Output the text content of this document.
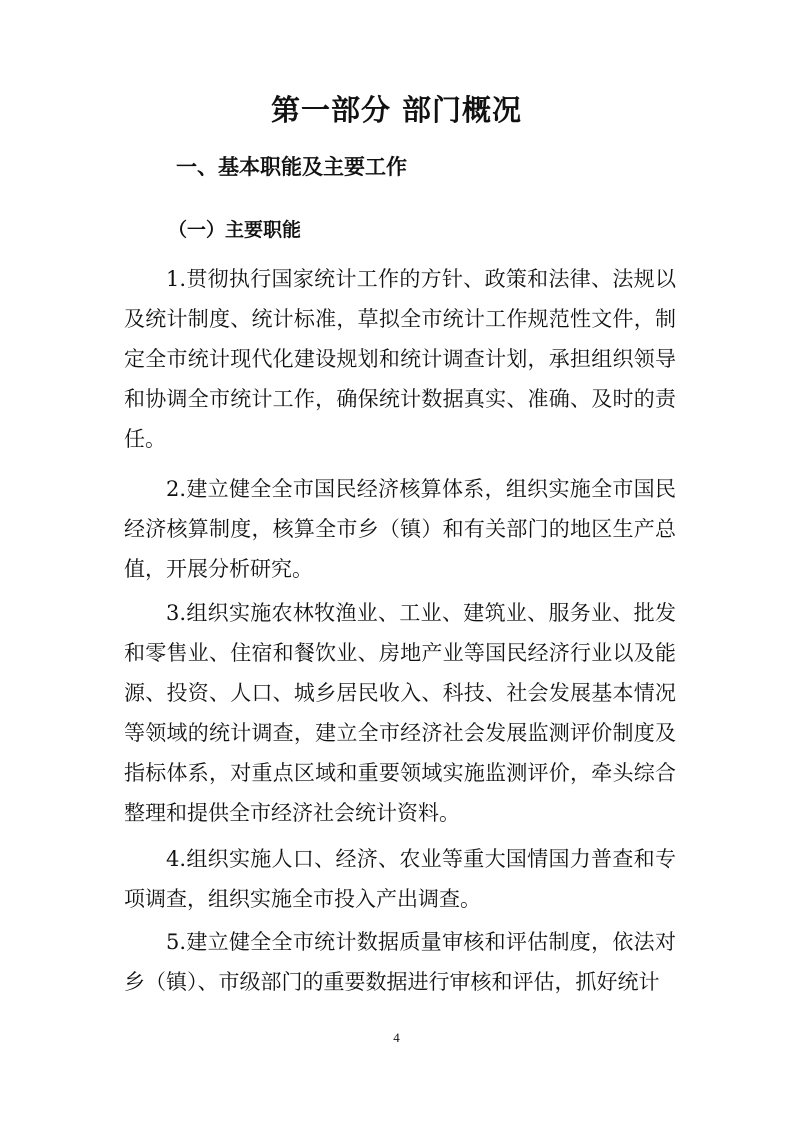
第一部分 部门概况
一、基本职能及主要工作
（一）主要职能

1.贯彻执行国家统计工作的方针、政策和法律、法规以及统计制度、统计标准，草拟全市统计工作规范性文件，制定全市统计现代化建设规划和统计调查计划，承担组织领导和协调全市统计工作，确保统计数据真实、准确、及时的责任。

2.建立健全全市国民经济核算体系，组织实施全市国民经济核算制度，核算全市乡（镇）和有关部门的地区生产总值，开展分析研究。

3.组织实施农林牧渔业、工业、建筑业、服务业、批发和零售业、住宿和餐饮业、房地产业等国民经济行业以及能源、投资、人口、城乡居民收入、科技、社会发展基本情况等领域的统计调查，建立全市经济社会发展监测评价制度及指标体系，对重点区域和重要领域实施监测评价，牵头综合整理和提供全市经济社会统计资料。

4.组织实施人口、经济、农业等重大国情国力普查和专项调查，组织实施全市投入产出调查。

5.建立健全全市统计数据质量审核和评估制度，依法对乡（镇）、市级部门的重要数据进行审核和评估，抓好统计

4
